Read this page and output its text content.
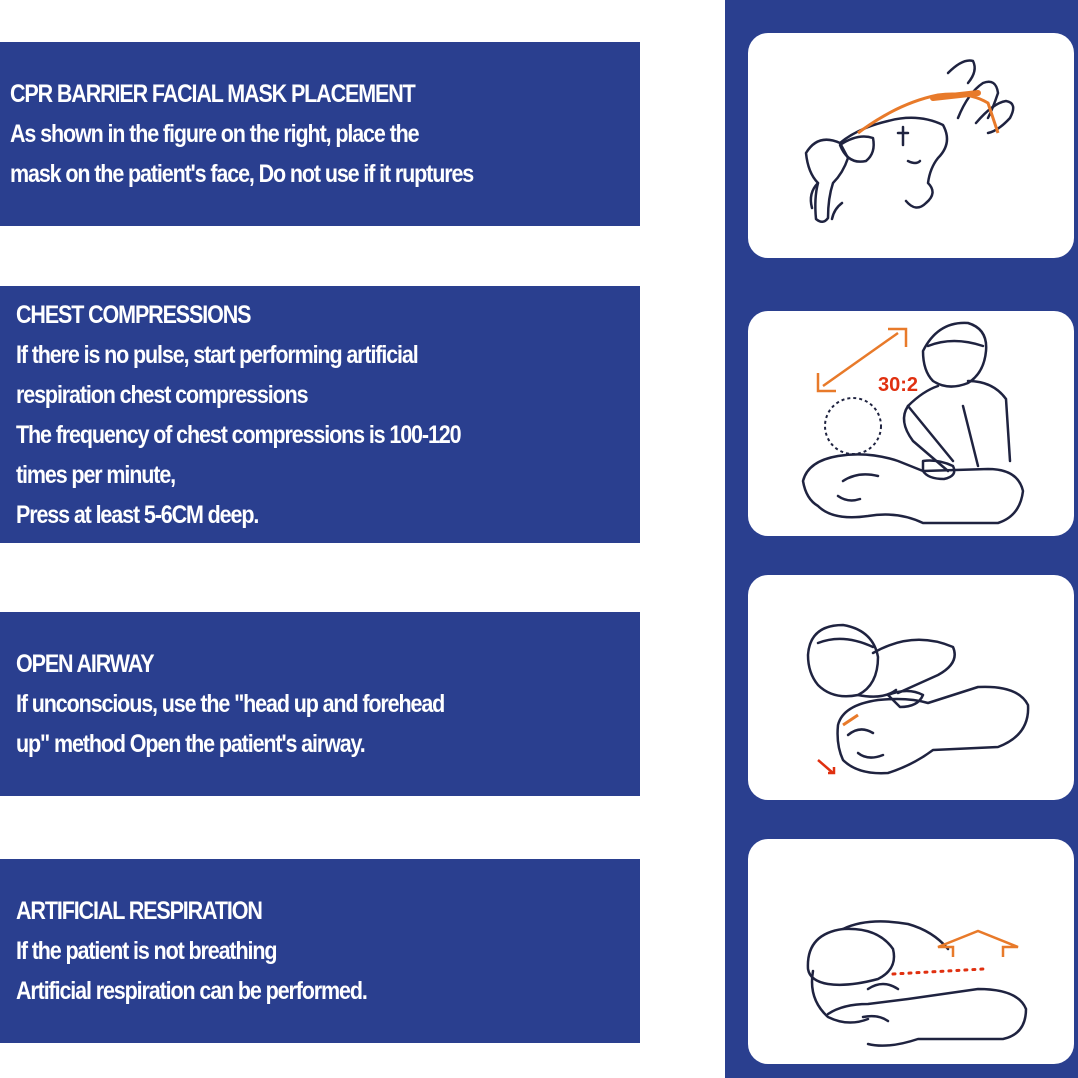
CPR BARRIER FACIAL MASK PLACEMENT
As shown in the figure on the right, place the
mask on the patient's face, Do not use if it ruptures
CHEST COMPRESSIONS
If there is no pulse, start performing artificial
respiration chest compressions
The frequency of chest compressions is 100-120
times per minute,
Press at least 5-6CM deep.
OPEN AIRWAY
If unconscious, use the "head up and forehead
up" method Open the patient's airway.
ARTIFICIAL RESPIRATION
If the patient is not breathing
Artificial respiration can be performed.
30:2
